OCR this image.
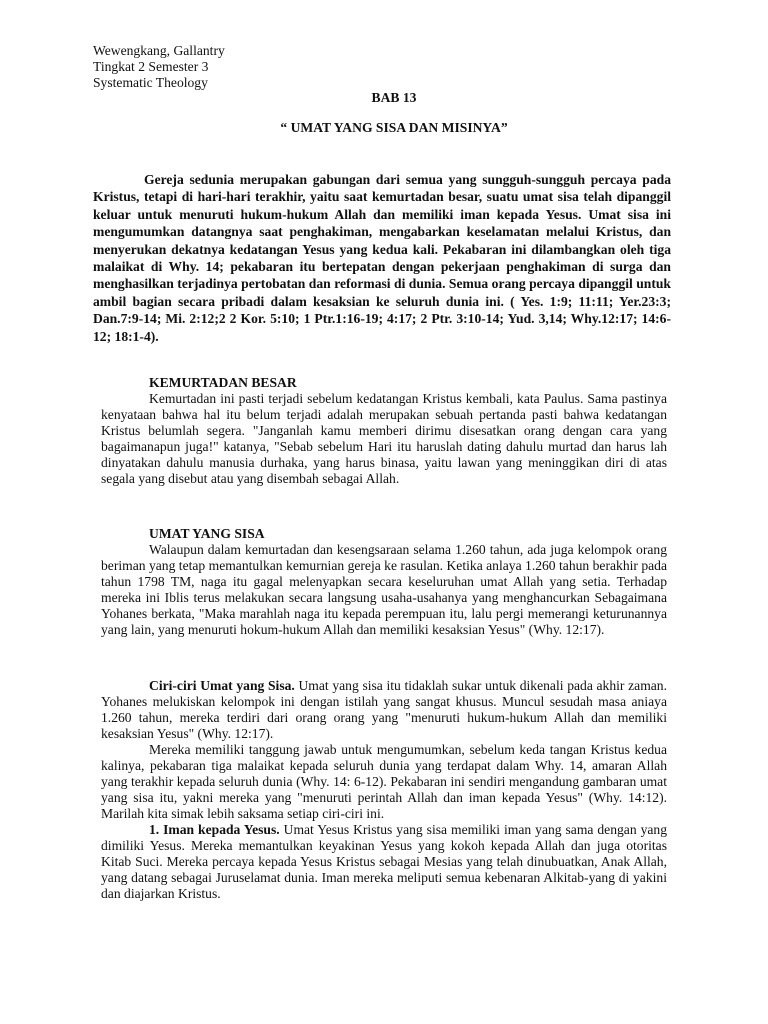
Wewengkang, Gallantry
Tingkat 2 Semester 3
Systematic Theology
BAB 13
“ UMAT YANG SISA DAN MISINYA”

Gereja sedunia merupakan gabungan dari semua yang sungguh-sungguh percaya pada Kristus, tetapi di hari-hari terakhir, yaitu saat kemurtadan besar, suatu umat sisa telah dipanggil keluar untuk menuruti hukum-hukum Allah dan memiliki iman kepada Yesus. Umat sisa ini mengumumkan datangnya saat penghakiman, mengabarkan keselamatan melalui Kristus, dan menyerukan dekatnya kedatangan Yesus yang kedua kali. Pekabaran ini dilambangkan oleh tiga malaikat di Why. 14; pekabaran itu bertepatan dengan pekerjaan penghakiman di surga dan menghasilkan terjadinya pertobatan dan reformasi di dunia. Semua orang percaya dipanggil untuk ambil bagian secara pribadi dalam kesaksian ke seluruh dunia ini. ( Yes. 1:9; 11:11; Yer.23:3; Dan.7:9-14; Mi. 2:12;2 2 Kor. 5:10; 1 Ptr.1:16-19; 4:17; 2 Ptr. 3:10-14; Yud. 3,14; Why.12:17; 14:6-12; 18:1-4).

KEMURTADAN BESAR

Kemurtadan ini pasti terjadi sebelum kedatangan Kristus kembali, kata Paulus. Sama pastinya kenyataan bahwa hal itu belum terjadi adalah merupakan sebuah pertanda pasti bahwa kedatangan Kristus belumlah segera. "Janganlah kamu memberi dirimu disesatkan orang dengan cara yang bagaimanapun juga!" katanya, "Sebab sebelum Hari itu haruslah dating dahulu murtad dan harus lah dinyatakan dahulu manusia durhaka, yang harus binasa, yaitu lawan yang meninggikan diri di atas segala yang disebut atau yang disembah sebagai Allah.

UMAT YANG SISA

Walaupun dalam kemurtadan dan kesengsaraan selama 1.260 tahun, ada juga kelompok orang beriman yang tetap memantulkan kemurnian gereja ke rasulan. Ketika anlaya 1.260 tahun berakhir pada tahun 1798 TM, naga itu gagal melenyapkan secara keseluruhan umat Allah yang setia. Terhadap mereka ini Iblis terus melakukan secara langsung usaha-usahanya yang menghancurkan Sebagaimana Yohanes berkata, "Maka marahlah naga itu kepada perempuan itu, lalu pergi memerangi keturunannya yang lain, yang menuruti hokum-hukum Allah dan memiliki kesaksian Yesus" (Why. 12:17).

Ciri-ciri Umat yang Sisa. Umat yang sisa itu tidaklah sukar untuk dikenali pada akhir zaman. Yohanes melukiskan kelompok ini dengan istilah yang sangat khusus. Muncul sesudah masa aniaya 1.260 tahun, mereka terdiri dari orang orang yang "menuruti hukum-hukum Allah dan memiliki kesaksian Yesus" (Why. 12:17).

Mereka memiliki tanggung jawab untuk mengumumkan, sebelum keda tangan Kristus kedua kalinya, pekabaran tiga malaikat kepada seluruh dunia yang terdapat dalam Why. 14, amaran Allah yang terakhir kepada seluruh dunia (Why. 14: 6-12). Pekabaran ini sendiri mengandung gambaran umat yang sisa itu, yakni mereka yang "menuruti perintah Allah dan iman kepada Yesus" (Why. 14:12). Marilah kita simak lebih saksama setiap ciri-ciri ini.

1. Iman kepada Yesus. Umat Yesus Kristus yang sisa memiliki iman yang sama dengan yang dimiliki Yesus. Mereka memantulkan keyakinan Yesus yang kokoh kepada Allah dan juga otoritas Kitab Suci. Mereka percaya kepada Yesus Kristus sebagai Mesias yang telah dinubuatkan, Anak Allah, yang datang sebagai Juruselamat dunia. Iman mereka meliputi semua kebenaran Alkitab-yang di yakini dan diajarkan Kristus.
